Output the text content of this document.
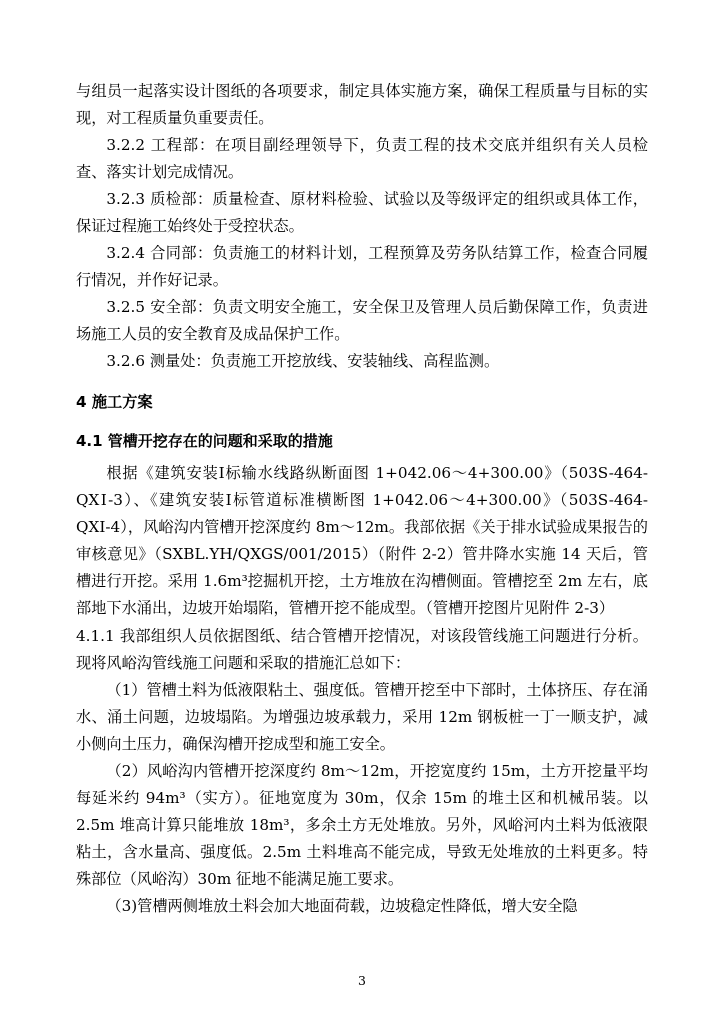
与组员一起落实设计图纸的各项要求，制定具体实施方案，确保工程质量与目标的实现，对工程质量负重要责任。

3.2.2 工程部：在项目副经理领导下，负责工程的技术交底并组织有关人员检查、落实计划完成情况。

3.2.3 质检部：质量检查、原材料检验、试验以及等级评定的组织或具体工作，保证过程施工始终处于受控状态。

3.2.4 合同部：负责施工的材料计划，工程预算及劳务队结算工作，检查合同履行情况，并作好记录。

3.2.5 安全部：负责文明安全施工，安全保卫及管理人员后勤保障工作，负责进场施工人员的安全教育及成品保护工作。

3.2.6 测量处：负责施工开挖放线、安装轴线、高程监测。

4 施工方案

4.1 管槽开挖存在的问题和采取的措施

根据《建筑安装Ⅰ标输水线路纵断面图 1+042.06～4+300.00》（503S-464-QXⅠ-3）、《建筑安装Ⅰ标管道标准横断图 1+042.06～4+300.00》（503S-464-QXⅠ-4），风峪沟内管槽开挖深度约 8m～12m。我部依据《关于排水试验成果报告的审核意见》（SXBL.YH/QXGS/001/2015）（附件 2-2）管井降水实施 14 天后，管槽进行开挖。采用 1.6m³挖掘机开挖，土方堆放在沟槽侧面。管槽挖至 2m 左右，底部地下水涌出，边坡开始塌陷，管槽开挖不能成型。（管槽开挖图片见附件 2-3）

4.1.1 我部组织人员依据图纸、结合管槽开挖情况，对该段管线施工问题进行分析。现将风峪沟管线施工问题和采取的措施汇总如下：

（1）管槽土料为低液限粘土、强度低。管槽开挖至中下部时，土体挤压、存在涌水、涌土问题，边坡塌陷。为增强边坡承载力，采用 12m 钢板桩一丁一顺支护，减小侧向土压力，确保沟槽开挖成型和施工安全。

（2）风峪沟内管槽开挖深度约 8m～12m，开挖宽度约 15m，土方开挖量平均每延米约 94m³（实方）。征地宽度为 30m，仅余 15m 的堆土区和机械吊装。以 2.5m 堆高计算只能堆放 18m³，多余土方无处堆放。另外，风峪河内土料为低液限粘土，含水量高、强度低。2.5m 土料堆高不能完成，导致无处堆放的土料更多。特殊部位（风峪沟）30m 征地不能满足施工要求。

（3)管槽两侧堆放土料会加大地面荷载，边坡稳定性降低，增大安全隐

3
